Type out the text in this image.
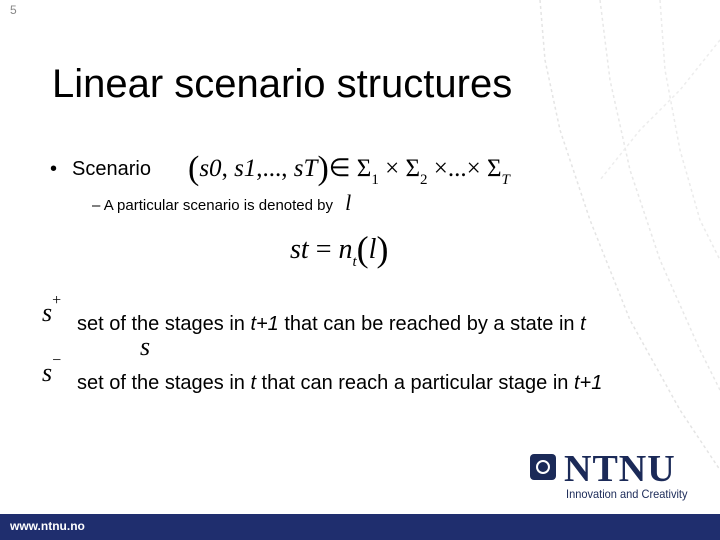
5
Linear scenario structures
• Scenario (s0, s1,..., sT)∈ $\Sigma_1 \times \Sigma_2$ ×...× $\Sigma_T$
– A particular scenario is denoted by l
st = $n_t(l)$
s+
set of the stages in t+1 that can be reached by a state in t
s
s−
set of the stages in t that can reach a particular stage in t+1
NTNU
Innovation and Creativity
www.ntnu.no
